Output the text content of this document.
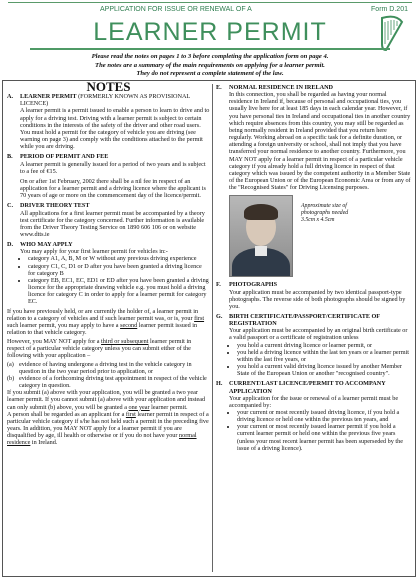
APPLICATION FOR ISSUE OR RENEWAL OF A	Form D.201
LEARNER PERMIT
Please read the notes on pages 1 to 3 before completing the application form on page 4.
The notes are a summary of the main requirements on applying for a learner permit.
They do not represent a complete statement of the law.
NOTES
A.	LEARNER PERMIT (FORMERLY KNOWN AS PROVISIONAL LICENCE)

A learner permit is a permit issued to enable a person to learn to drive and to apply for a driving test. Driving with a learner permit is subject to certain conditions in the interests of the safety of the driver and other road users. You must hold a permit for the category of vehicle you are driving (see warning on page 3) and comply with the conditions attached to the permit while you are driving.

B.	PERIOD OF PERMIT AND FEE

A learner permit is generally issued for a period of two years and is subject to a fee of €15.

On or after 1st February, 2002 there shall be a nil fee in respect of an application for a learner permit and a driving licence where the applicant is 70 years of age or more on the commencement day of the licence/permit.

C.	DRIVER THEORY TEST

All applications for a first learner permit must be accompanied by a theory test certificate for the category concerned. Further information is available from the Driver Theory Testing Service on 1890 606 106 or on website www.dtts.ie

D.	WHO MAY APPLY
You may apply for your first learner permit for vehicles in:-
• category A1, A, B, M or W without any previous driving experience
• category C1, C, D1 or D after you have been granted a driving licence for category B
• category EB, EC1, EC, ED1 or ED after you have been granted a driving licence for the appropriate drawing vehicle e.g. you must hold a driving licence for category C in order to apply for a learner permit for category EC.

If you have previously held, or are currently the holder of, a learner permit in relation to a category of vehicles and if such learner permit was, or is, your first such learner permit, you may apply to have a second learner permit issued in relation to that vehicle category.

However, you MAY NOT apply for a third or subsequent learner permit in respect of a particular vehicle category unless you can submit either of the following with your application –

(a) evidence of having undergone a driving test in the vehicle category in question in the two year period prior to application, or
(b) evidence of a forthcoming driving test appointment in respect of the vehicle category in question.

If you submit (a) above with your application, you will be granted a two year learner permit. If you cannot submit (a) above with your application and instead can only submit (b) above, you will be granted a one year learner permit.

A person shall be regarded as an applicant for a first learner permit in respect of a particular vehicle category if s/he has not held such a permit in the preceding five years. In addition, you MAY NOT apply for a learner permit if you are disqualified by age, ill health or otherwise or if you do not have your normal residence in Ireland.

E.	NORMAL RESIDENCE IN IRELAND

In this connection, you shall be regarded as having your normal residence in Ireland if, because of personal and occupational ties, you usually live here for at least 185 days in each calendar year. However, if you have personal ties in Ireland and occupational ties in another country which require absences from this country, you may still be regarded as being normally resident in Ireland provided that you return here regularly. Working abroad on a specific task for a definite duration, or attending a foreign university or school, shall not imply that you have transferred your normal residence to another country. Furthermore, you MAY NOT apply for a learner permit in respect of a particular vehicle category if you already hold a full driving licence in respect of that category which was issued by the competent authority in a Member State of the European Union or of the European Economic Area or from any of the "Recognised States" for Driving Licensing purposes.

Approximate size of photographs needed 3.5cm x 4.5cm
F.	PHOTOGRAPHS

Your application must be accompanied by two identical passport-type photographs. The reverse side of both photographs should be signed by you.

G.	BIRTH CERTIFICATE/PASSPORT/CERTIFICATE OF REGISTRATION
Your application must be accompanied by an original birth certificate or a valid passport or a certificate of registration unless
• you hold a current driving licence or learner permit, or
• you held a driving licence within the last ten years or a learner permit within the last five years, or
• you hold a current valid driving licence issued by another Member State of the European Union or another "recognised country".
H.	CURRENT/LAST LICENCE/PERMIT TO ACCOMPANY APPLICATION
Your application for the issue or renewal of a learner permit must be accompanied by:
• your current or most recently issued driving licence, if you hold a driving licence or held one within the previous ten years, and
• your current or most recently issued learner permit if you hold a current learner permit or held one within the previous five years (unless your most recent learner permit has been superseded by the issue of a driving licence).
